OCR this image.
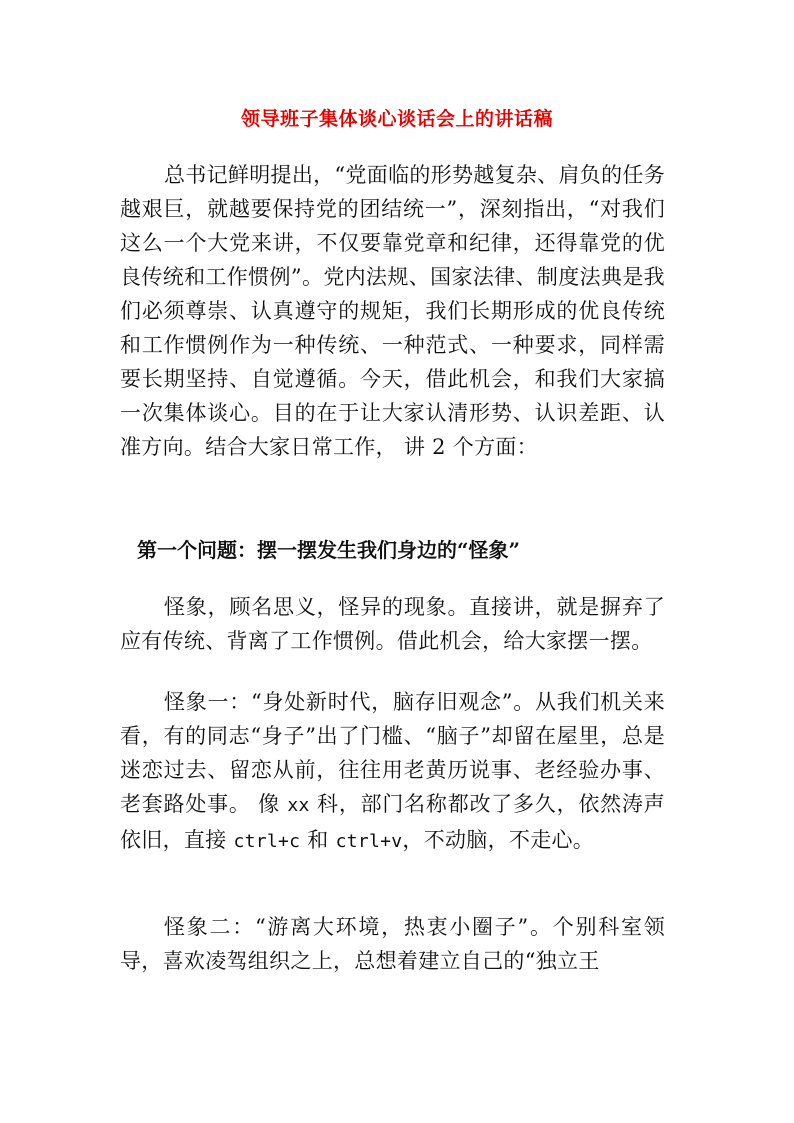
领导班子集体谈心谈话会上的讲话稿

总书记鲜明提出，“党面临的形势越复杂、肩负的任务越艰巨，就越要保持党的团结统一”，深刻指出，“对我们这么一个大党来讲，不仅要靠党章和纪律，还得靠党的优良传统和工作惯例”。党内法规、国家法律、制度法典是我们必须尊崇、认真遵守的规矩，我们长期形成的优良传统和工作惯例作为一种传统、一种范式、一种要求，同样需要长期坚持、自觉遵循。今天，借此机会，和我们大家搞一次集体谈心。目的在于让大家认清形势、认识差距、认准方向。结合大家日常工作， 讲 2 个方面：

第一个问题：摆一摆发生我们身边的“怪象”

怪象，顾名思义，怪异的现象。直接讲，就是摒弃了应有传统、背离了工作惯例。借此机会，给大家摆一摆。

怪象一：“身处新时代，脑存旧观念”。从我们机关来看，有的同志“身子”出了门槛、“脑子”却留在屋里，总是迷恋过去、留恋从前，往往用老黄历说事、老经验办事、老套路处事。 像 xx 科，部门名称都改了多久，依然涛声依旧，直接 ctrl+c 和 ctrl+v，不动脑，不走心。

怪象二：“游离大环境，热衷小圈子”。个别科室领导，喜欢凌驾组织之上，总想着建立自己的“独立王
